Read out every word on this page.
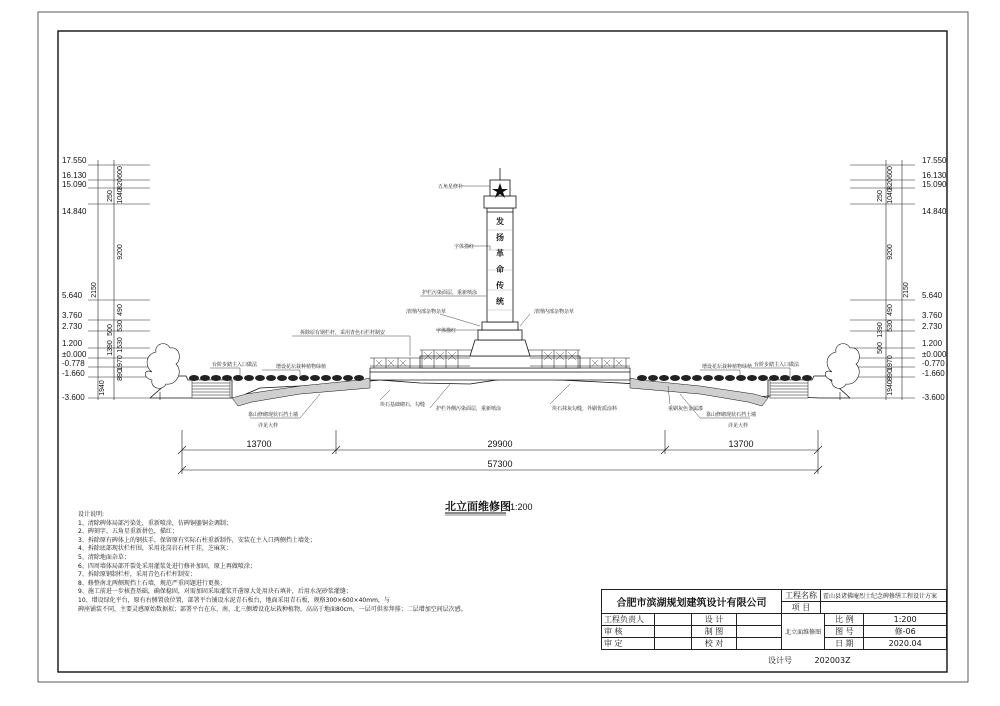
17.550
16.130
15.090
14.840
5.640
3.760
2.730
1.200
±0.000
-0.778
-1.660
-3.600
17.550
16.130
15.090
14.840
5.640
3.760
2.730
1.200
±0.000
-0.770
-1.660
-3.600
600
820
250 1040
9200
2150
490
530
1530
1970
890
1940
500
1390
600
820
250 1040
9200
2150
490
530
1390
500
1970
890
1940
发
扬
革
命
传
统
五角星修补
字体描红
护栏污染面层，重新喷涂
清理内部杂物杂草	清理内部杂物杂草
字体描红
拆除原有钢栏杆，采用青色石栏杆制安
台阶步踏主入口做法	增设花坛栽种植物绿植	增设花坛栽种植物绿植 台阶步踏主入口做法
块石基础砌石，勾缝
护栏外侧污染面层，重新喷涂	块石抹灰勾缝，外刷优质涂料	重刷灰色金属漆
靠山修砌现状石挡土墙
详见大样
靠山修砌现状石挡土墙
详见大样
13700	29900	13700
57300
北立面维修图 1:200
设计说明:
1、清除碑体局部污染处，重新喷涂，仿碑铜鎏铜金调制；
2、碑刻字、五角星重新拼色，描红；
3、拆除原有碑体上的钢扶手，保留原有实际石柱重新制作，安装在主入口两侧挡土墙处；
4、拆除底部现状栏杆围，采用花岗岩石材干挂，芝麻灰；
5、清除地面杂草；
6、四周墙体局部开裂处采用灌浆处进行修补加固，原上再做喷涂；
7、拆除原钢制栏杆，采用青色石栏杆制安；
8、修整南北两侧现挡土石墙，规范严重问题进行更换；
9、施工前进一步核查基础，确保稳固，对需加固采取灌浆开凿原大处用块石填补，后用水泥砂浆灌缝；
10、增设绿化平台，原有右侧置放位置，部署平台铺设水泥青石板台，地面采用青石板，规格300×600×40mm，与
碑座铺装不同，主要灵感原始数据拟；部署平台在东、南、北三侧增设花坛栽种植物，高高于地面80cm，一层可供参拜排；二层增加空间层次感。
合肥市滨湖规划建筑设计有限公司				工程名称	霍山县诸佛庵烈士纪念碑修缮工程设计方案		
				项 目			
工程负责人		设 计		北立面维修图		比 例	1:200
审 核		制 图				图 号	修-06
审 定		校 对				日 期	2020.04
设计号	202003Z
